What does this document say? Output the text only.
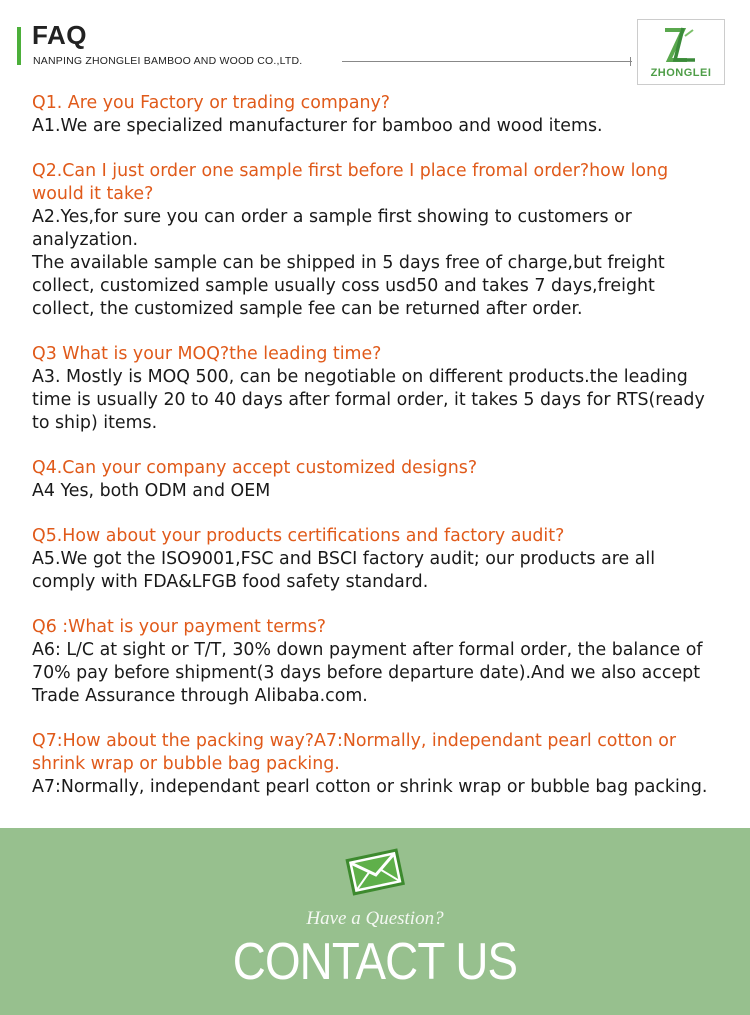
FAQ
NANPING ZHONGLEI BAMBOO AND WOOD CO.,LTD.
ZHONGLEI
Q1. Are you Factory or trading company?
A1.We are specialized manufacturer for bamboo and wood items.
Q2.Can I just order one sample first before I place fromal order?how long would it take?
A2.Yes,for sure you can order a sample first showing to customers or analyzation.
The available sample can be shipped in 5 days free of charge,but freight collect, customized sample usually coss usd50 and takes 7 days,freight collect, the customized sample fee can be returned after order.
Q3 What is your MOQ?the leading time?
A3. Mostly is MOQ 500, can be negotiable on different products.the leading time is usually 20 to 40 days after formal order, it takes 5 days for RTS(ready to ship) items.
Q4.Can your company accept customized designs?
A4 Yes, both ODM and OEM
Q5.How about your products certifications and factory audit?
A5.We got the ISO9001,FSC and BSCI factory audit; our products are all comply with FDA&LFGB food safety standard.
Q6 :What is your payment terms?
A6: L/C at sight or T/T, 30% down payment after formal order, the balance of 70% pay before shipment(3 days before departure date).And we also accept Trade Assurance through Alibaba.com.
Q7:How about the packing way?A7:Normally, independant pearl cotton or shrink wrap or bubble bag packing.
A7:Normally, independant pearl cotton or shrink wrap or bubble bag packing.
Have a Question?
CONTACT US
